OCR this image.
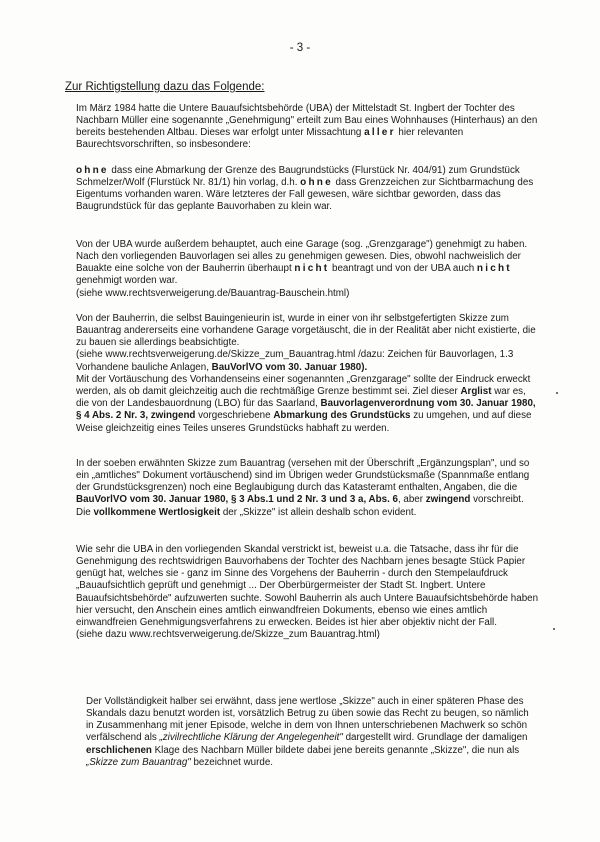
- 3 -
Zur Richtigstellung dazu das Folgende:
Im März 1984 hatte die Untere Bauaufsichtsbehörde (UBA) der Mittelstadt St. Ingbert der Tochter des Nachbarn Müller eine sogenannte „Genehmigung" erteilt zum Bau eines Wohnhauses (Hinterhaus) an den bereits bestehenden Altbau. Dieses war erfolgt unter Missachtung aller hier relevanten Baurechtsvorschriften, so insbesondere:
ohne dass eine Abmarkung der Grenze des Baugrundstücks (Flurstück Nr. 404/91) zum Grundstück Schmelzer/Wolf (Flurstück Nr. 81/1) hin vorlag, d.h. ohne dass Grenzzeichen zur Sichtbarmachung des Eigentums vorhanden waren. Wäre letzteres der Fall gewesen, wäre sichtbar geworden, dass das Baugrundstück für das geplante Bauvorhaben zu klein war.
Von der UBA wurde außerdem behauptet, auch eine Garage (sog. „Grenzgarage") genehmigt zu haben. Nach den vorliegenden Bauvorlagen sei alles zu genehmigen gewesen. Dies, obwohl nachweislich der Bauakte eine solche von der Bauherrin überhaupt nicht beantragt und von der UBA auch nicht genehmigt worden war.
(siehe www.rechtsverweigerung.de/Bauantrag-Bauschein.html)
Von der Bauherrin, die selbst Bauingenieurin ist, wurde in einer von ihr selbstgefertigten Skizze zum Bauantrag andererseits eine vorhandene Garage vorgetäuscht, die in der Realität aber nicht existierte, die zu bauen sie allerdings beabsichtigte.
(siehe www.rechtsverweigerung.de/Skizze_zum_Bauantrag.html /dazu: Zeichen für Bauvorlagen, 1.3 Vorhandene bauliche Anlagen, BauVorlVO vom 30. Januar 1980).
Mit der Vortäuschung des Vorhandenseins einer sogenannten „Grenzgarage" sollte der Eindruck erweckt werden, als ob damit gleichzeitig auch die rechtmäßige Grenze bestimmt sei. Ziel dieser Arglist war es, die von der Landesbauordnung (LBO) für das Saarland, Bauvorlagenverordnung vom 30. Januar 1980, § 4 Abs. 2 Nr. 3, zwingend vorgeschriebene Abmarkung des Grundstücks zu umgehen, und auf diese Weise gleichzeitig eines Teiles unseres Grundstücks habhaft zu werden.
In der soeben erwähnten Skizze zum Bauantrag (versehen mit der Überschrift „Ergänzungsplan", und so ein „amtliches" Dokument vortäuschend) sind im Übrigen weder Grundstücksmaße (Spannmaße entlang der Grundstücksgrenzen) noch eine Beglaubigung durch das Katasteramt enthalten, Angaben, die die BauVorlVO vom 30. Januar 1980, § 3 Abs.1 und 2 Nr. 3 und 3 a, Abs. 6, aber zwingend vorschreibt. Die vollkommene Wertlosigkeit der „Skizze" ist allein deshalb schon evident.
Wie sehr die UBA in den vorliegenden Skandal verstrickt ist, beweist u.a. die Tatsache, dass ihr für die Genehmigung des rechtswidrigen Bauvorhabens der Tochter des Nachbarn jenes besagte Stück Papier genügt hat, welches sie - ganz im Sinne des Vorgehens der Bauherrin - durch den Stempelaufdruck „Bauaufsichtlich geprüft und genehmigt ... Der Oberbürgermeister der Stadt St. Ingbert. Untere Bauaufsichtsbehörde" aufzuwerten suchte. Sowohl Bauherrin als auch Untere Bauaufsichtsbehörde haben hier versucht, den Anschein eines amtlich einwandfreien Dokuments, ebenso wie eines amtlich einwandfreien Genehmigungsverfahrens zu erwecken. Beides ist hier aber objektiv nicht der Fall.
(siehe dazu www.rechtsverweigerung.de/Skizze_zum Bauantrag.html)
Der Vollständigkeit halber sei erwähnt, dass jene wertlose „Skizze" auch in einer späteren Phase des Skandals dazu benutzt worden ist, vorsätzlich Betrug zu üben sowie das Recht zu beugen, so nämlich in Zusammenhang mit jener Episode, welche in dem von Ihnen unterschriebenen Machwerk so schön verfälschend als „zivilrechtliche Klärung der Angelegenheit" dargestellt wird. Grundlage der damaligen erschlichenen Klage des Nachbarn Müller bildete dabei jene bereits genannte „Skizze", die nun als „Skizze zum Bauantrag" bezeichnet wurde.
